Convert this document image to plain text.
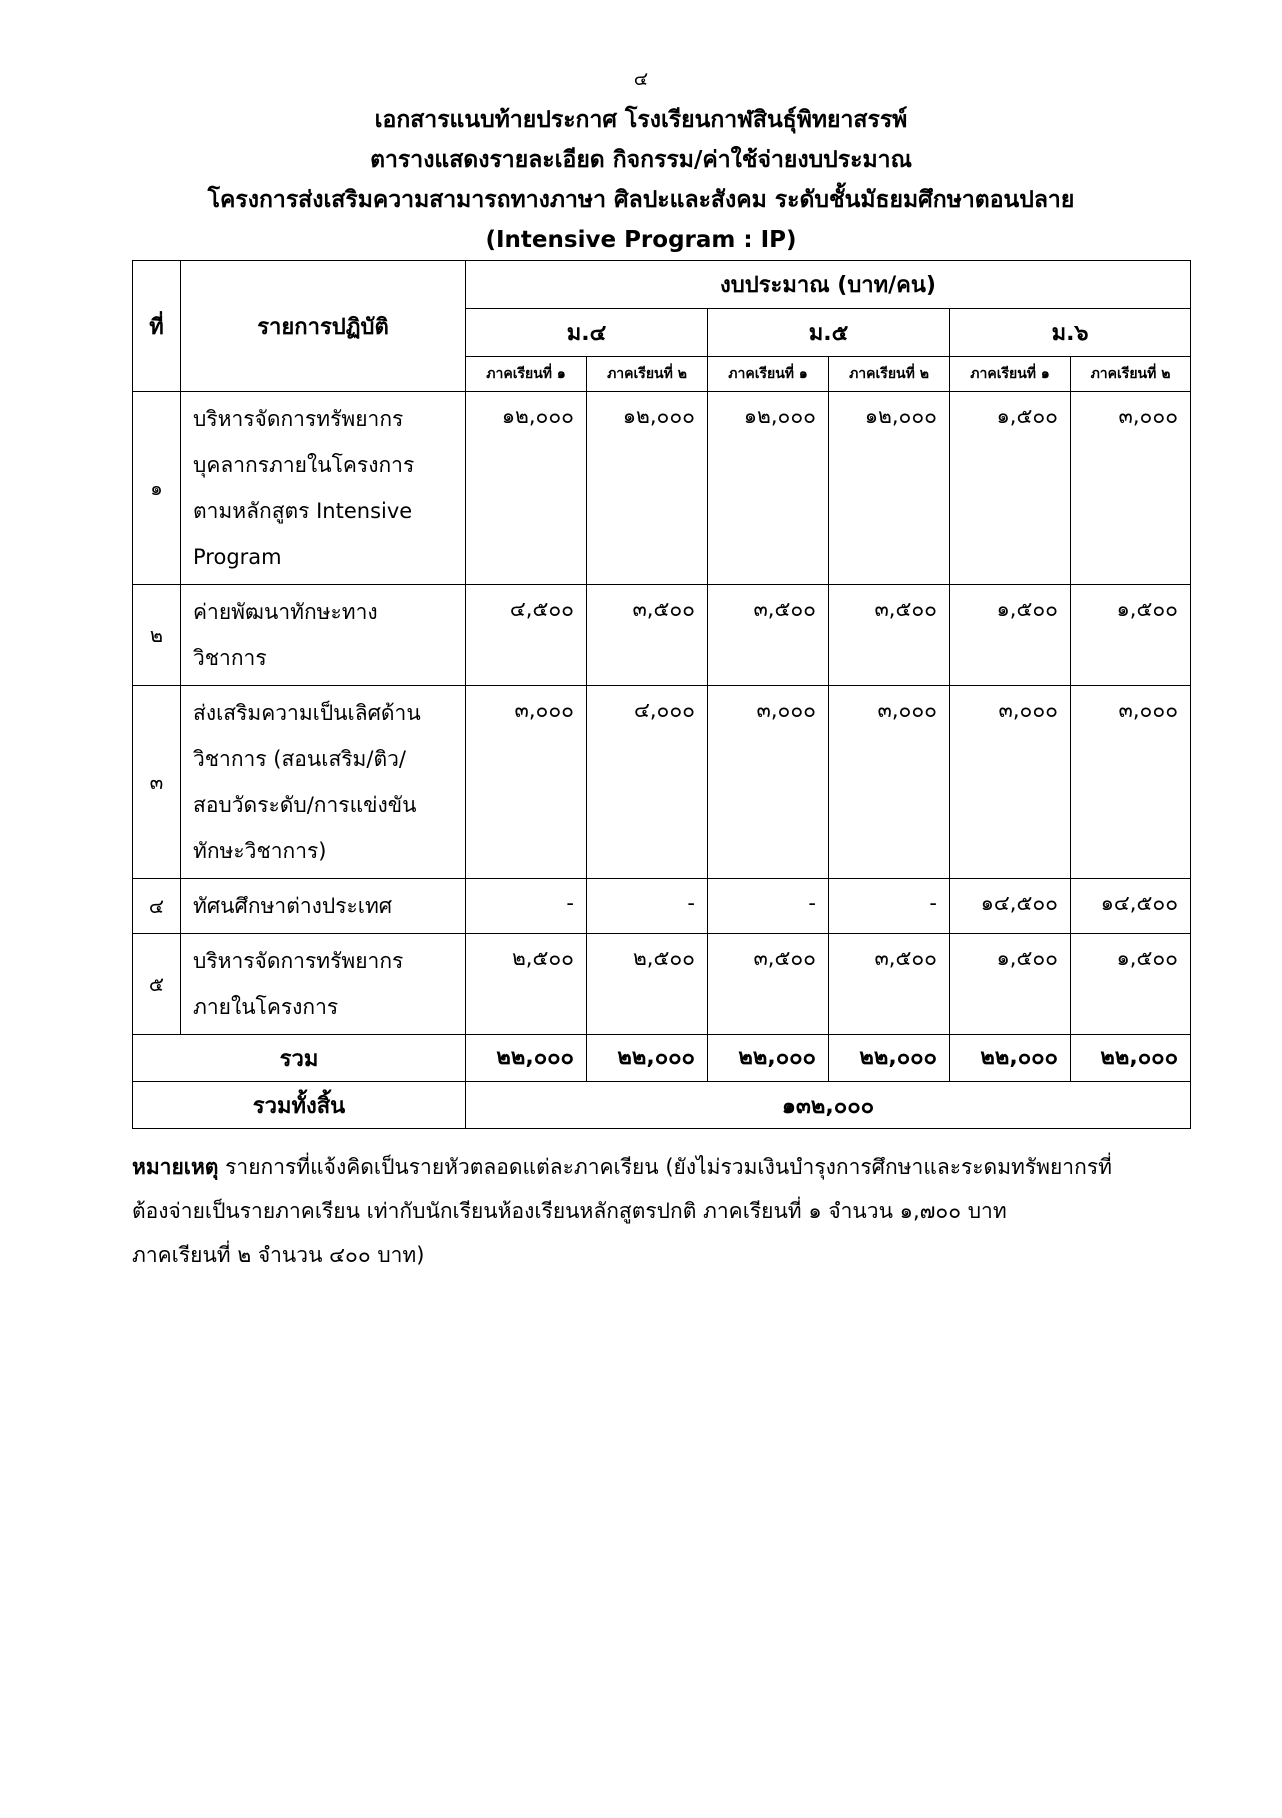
๔
เอกสารแนบท้ายประกาศ โรงเรียนกาฬสินธุ์พิทยาสรรพ์
ตารางแสดงรายละเอียด กิจกรรม/ค่าใช้จ่ายงบประมาณ
โครงการส่งเสริมความสามารถทางภาษา ศิลปะและสังคม ระดับชั้นมัธยมศึกษาตอนปลาย
(Intensive Program : IP)
ที่	รายการปฏิบัติ	งบประมาณ (บาท/คน)					
		ม.๔		ม.๕		ม.๖	
		ภาคเรียนที่ ๑	ภาคเรียนที่ ๒	ภาคเรียนที่ ๑	ภาคเรียนที่ ๒	ภาคเรียนที่ ๑	ภาคเรียนที่ ๒
๑	บริหารจัดการทรัพยากร
บุคลากรภายในโครงการ
ตามหลักสูตร Intensive
Program	๑๒,๐๐๐	๑๒,๐๐๐	๑๒,๐๐๐	๑๒,๐๐๐	๑,๕๐๐	๓,๐๐๐
๒	ค่ายพัฒนาทักษะทาง
วิชาการ	๔,๕๐๐	๓,๕๐๐	๓,๕๐๐	๓,๕๐๐	๑,๕๐๐	๑,๕๐๐
๓	ส่งเสริมความเป็นเลิศด้าน
วิชาการ (สอนเสริม/ติว/
สอบวัดระดับ/การแข่งขัน
ทักษะวิชาการ)	๓,๐๐๐	๔,๐๐๐	๓,๐๐๐	๓,๐๐๐	๓,๐๐๐	๓,๐๐๐
๔	ทัศนศึกษาต่างประเทศ	-	-	-	-	๑๔,๕๐๐	๑๔,๕๐๐
๕	บริหารจัดการทรัพยากร
ภายในโครงการ	๒,๕๐๐	๒,๕๐๐	๓,๕๐๐	๓,๕๐๐	๑,๕๐๐	๑,๕๐๐
รวม		๒๒,๐๐๐	๒๒,๐๐๐	๒๒,๐๐๐	๒๒,๐๐๐	๒๒,๐๐๐	๒๒,๐๐๐
รวมทั้งสิ้น		๑๓๒,๐๐๐					
หมายเหตุ รายการที่แจ้งคิดเป็นรายหัวตลอดแต่ละภาคเรียน (ยังไม่รวมเงินบำรุงการศึกษาและระดมทรัพยากรที่
ต้องจ่ายเป็นรายภาคเรียน เท่ากับนักเรียนห้องเรียนหลักสูตรปกติ ภาคเรียนที่ ๑ จำนวน ๑,๗๐๐ บาท
ภาคเรียนที่ ๒ จำนวน ๔๐๐ บาท)
